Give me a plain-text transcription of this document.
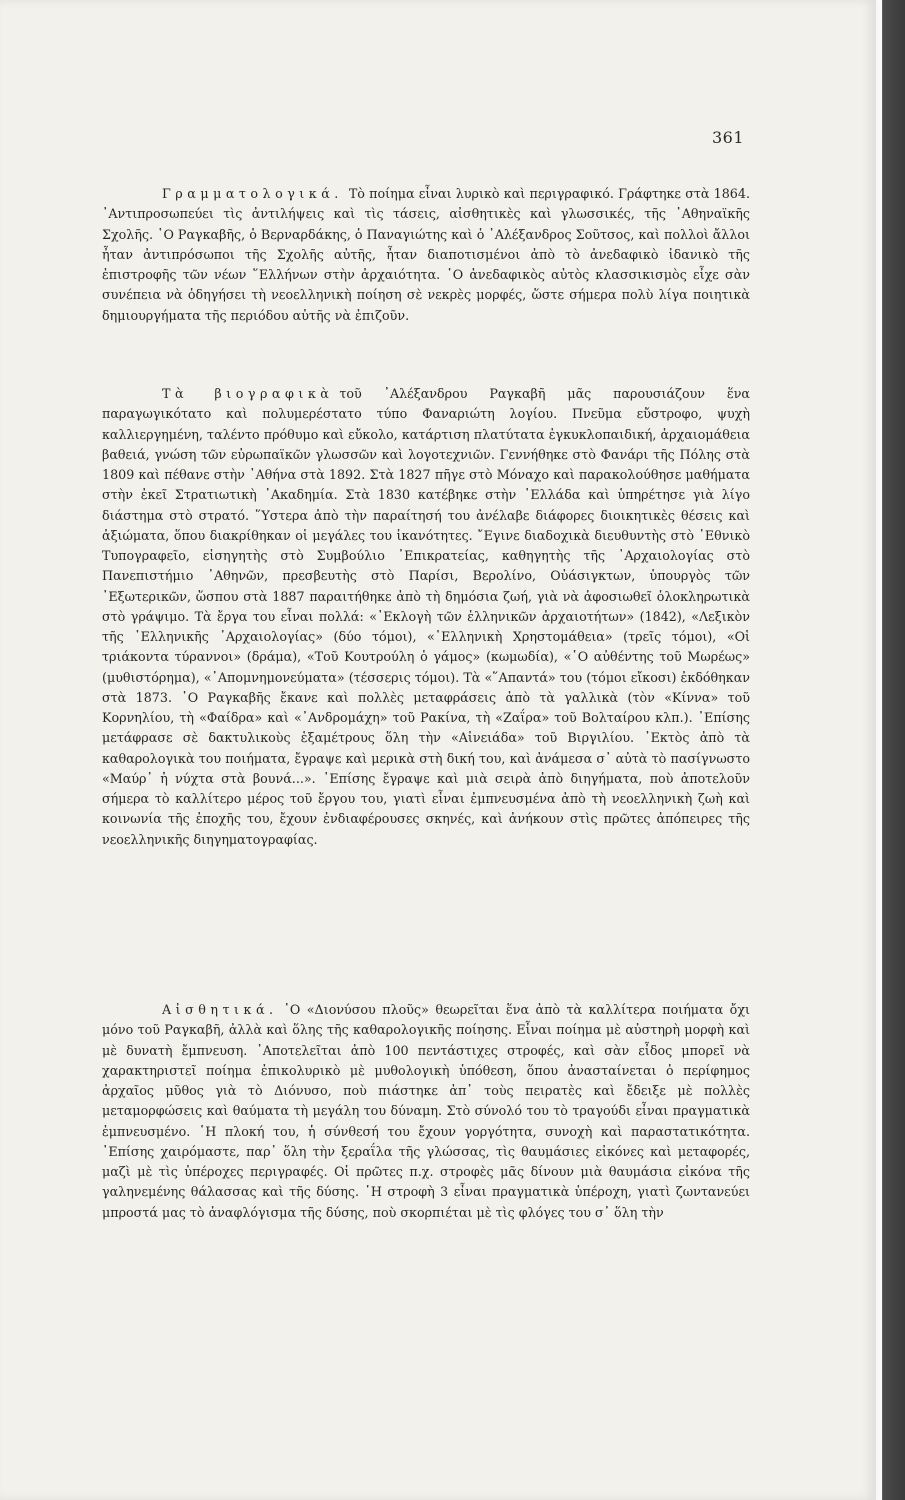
361

Γραμματολογικά. Τὸ ποίημα εἶναι λυρικὸ καὶ περιγραφικό. Γράφτηκε στὰ 1864. ᾿Αντιπροσωπεύει τὶς ἀντιλήψεις καὶ τὶς τάσεις, αἰσθητικὲς καὶ γλωσσικές, τῆς ᾿Αθηναϊκῆς Σχολῆς. ῾Ο Ραγκαβῆς, ὁ Βερναρδάκης, ὁ Παναγιώτης καὶ ὁ ᾿Αλέξανδρος Σοῦτσος, καὶ πολλοὶ ἄλλοι ἦταν ἀντιπρόσωποι τῆς Σχολῆς αὐτῆς, ἦταν διαποτισμένοι ἀπὸ τὸ ἀνεδαφικὸ ἰδανικὸ τῆς ἐπιστροφῆς τῶν νέων ῞Ελλήνων στὴν ἀρχαιότητα. ῾Ο ἀνεδαφικὸς αὐτὸς κλασσικισμὸς εἶχε σὰν συνέπεια νὰ ὁδηγήσει τὴ νεοελληνικὴ ποίηση σὲ νεκρὲς μορφές, ὥστε σήμερα πολὺ λίγα ποιητικὰ δημιουργήματα τῆς περιόδου αὐτῆς νὰ ἐπιζοῦν.

Τὰ βιογραφικὰ τοῦ ᾿Αλέξανδρου Ραγκαβῆ μᾶς παρουσιάζουν ἕνα παραγωγικότατο καὶ πολυμερέστατο τύπο Φαναριώτη λογίου. Πνεῦμα εὔστροφο, ψυχὴ καλλιεργημένη, ταλέντο πρόθυμο καὶ εὔκολο, κατάρτιση πλατύτατα ἐγκυκλοπαιδική, ἀρχαιομάθεια βαθειά, γνώση τῶν εὐρωπαϊκῶν γλωσσῶν καὶ λογοτεχνιῶν. Γεννήθηκε στὸ Φανάρι τῆς Πόλης στὰ 1809 καὶ πέθανε στὴν ᾿Αθήνα στὰ 1892. Στὰ 1827 πῆγε στὸ Μόναχο καὶ παρακολούθησε μαθήματα στὴν ἐκεῖ Στρατιωτικὴ ᾿Ακαδημία. Στὰ 1830 κατέβηκε στὴν ῾Ελλάδα καὶ ὑπηρέτησε γιὰ λίγο διάστημα στὸ στρατό. ῞Υστερα ἀπὸ τὴν παραίτησή του ἀνέλαβε διάφορες διοικητικὲς θέσεις καὶ ἀξιώματα, ὅπου διακρίθηκαν οἱ μεγάλες του ἱκανότητες. ῎Εγινε διαδοχικὰ διευθυντὴς στὸ ᾿Εθνικὸ Τυπογραφεῖο, εἰσηγητὴς στὸ Συμβούλιο ᾿Επικρατείας, καθηγητὴς τῆς ᾿Αρχαιολογίας στὸ Πανεπιστήμιο ᾿Αθηνῶν, πρεσβευτὴς στὸ Παρίσι, Βερολίνο, Οὐάσιγκτων, ὑπουργὸς τῶν ᾿Εξωτερικῶν, ὥσπου στὰ 1887 παραιτήθηκε ἀπὸ τὴ δημόσια ζωή, γιὰ νὰ ἀφοσιωθεῖ ὁλοκληρωτικὰ στὸ γράψιμο. Τὰ ἔργα του εἶναι πολλά: «᾿Εκλογὴ τῶν ἑλληνικῶν ἀρχαιοτήτων» (1842), «Λεξικὸν τῆς ῾Ελληνικῆς ᾿Αρχαιολογίας» (δύο τόμοι), «῾Ελληνικὴ Χρηστομάθεια» (τρεῖς τόμοι), «Οἱ τριάκοντα τύραννοι» (δράμα), «Τοῦ Κουτρούλη ὁ γάμος» (κωμωδία), «῾Ο αὐθέντης τοῦ Μωρέως» (μυθιστόρημα), «᾿Απομνημονεύματα» (τέσσερις τόμοι). Τὰ «῞Απαντά» του (τόμοι εἴκοσι) ἐκδόθηκαν στὰ 1873. ῾Ο Ραγκαβῆς ἔκανε καὶ πολλὲς μεταφράσεις ἀπὸ τὰ γαλλικὰ (τὸν «Κίννα» τοῦ Κορνηλίου, τὴ «Φαίδρα» καὶ «᾿Ανδρομάχη» τοῦ Ρακίνα, τὴ «Ζαΐρα» τοῦ Βολταίρου κλπ.). ᾿Επίσης μετάφρασε σὲ δακτυλικοὺς ἑξαμέτρους ὅλη τὴν «Αἰνειάδα» τοῦ Βιργιλίου. ᾿Εκτὸς ἀπὸ τὰ καθαρολογικὰ του ποιήματα, ἔγραψε καὶ μερικὰ στὴ δική του, καὶ ἀνάμεσα σ᾿ αὐτὰ τὸ πασίγνωστο «Μαύρ᾿ ἡ νύχτα στὰ βουνά...». ᾿Επίσης ἔγραψε καὶ μιὰ σειρὰ ἀπὸ διηγήματα, ποὺ ἀποτελοῦν σήμερα τὸ καλλίτερο μέρος τοῦ ἔργου του, γιατὶ εἶναι ἐμπνευσμένα ἀπὸ τὴ νεοελληνικὴ ζωὴ καὶ κοινωνία τῆς ἐποχῆς του, ἔχουν ἐνδιαφέρουσες σκηνές, καὶ ἀνήκουν στὶς πρῶτες ἀπόπειρες τῆς νεοελληνικῆς διηγηματογραφίας.

Αἰσθητικά. ῾Ο «Διονύσου πλοῦς» θεωρεῖται ἕνα ἀπὸ τὰ καλλίτερα ποιήματα ὄχι μόνο τοῦ Ραγκαβῆ, ἀλλὰ καὶ ὅλης τῆς καθαρολογικῆς ποίησης. Εἶναι ποίημα μὲ αὐστηρὴ μορφὴ καὶ μὲ δυνατὴ ἔμπνευση. ᾿Αποτελεῖται ἀπὸ 100 πεντάστιχες στροφές, καὶ σὰν εἶδος μπορεῖ νὰ χαρακτηριστεῖ ποίημα ἐπικολυρικὸ μὲ μυθολογικὴ ὑπόθεση, ὅπου ἀνασταίνεται ὁ περίφημος ἀρχαῖος μῦθος γιὰ τὸ Διόνυσο, ποὺ πιάστηκε ἀπ᾿ τοὺς πειρατὲς καὶ ἔδειξε μὲ πολλὲς μεταμορφώσεις καὶ θαύματα τὴ μεγάλη του δύναμη. Στὸ σύνολό του τὸ τραγούδι εἶναι πραγματικὰ ἐμπνευσμένο. ῾Η πλοκή του, ἡ σύνθεσή του ἔχουν γοργότητα, συνοχὴ καὶ παραστατικότητα. ᾿Επίσης χαιρόμαστε, παρ᾿ ὅλη τὴν ξεραΐλα τῆς γλώσσας, τὶς θαυμάσιες εἰκόνες καὶ μεταφορές, μαζὶ μὲ τὶς ὑπέροχες περιγραφές. Οἱ πρῶτες π.χ. στροφὲς μᾶς δίνουν μιὰ θαυμάσια εἰκόνα τῆς γαληνεμένης θάλασσας καὶ τῆς δύσης. ῾Η στροφὴ 3 εἶναι πραγματικὰ ὑπέροχη, γιατὶ ζωντανεύει μπροστά μας τὸ ἀναφλόγισμα τῆς δύσης, ποὺ σκορπιέται μὲ τὶς φλόγες του σ᾿ ὅλη τὴν
